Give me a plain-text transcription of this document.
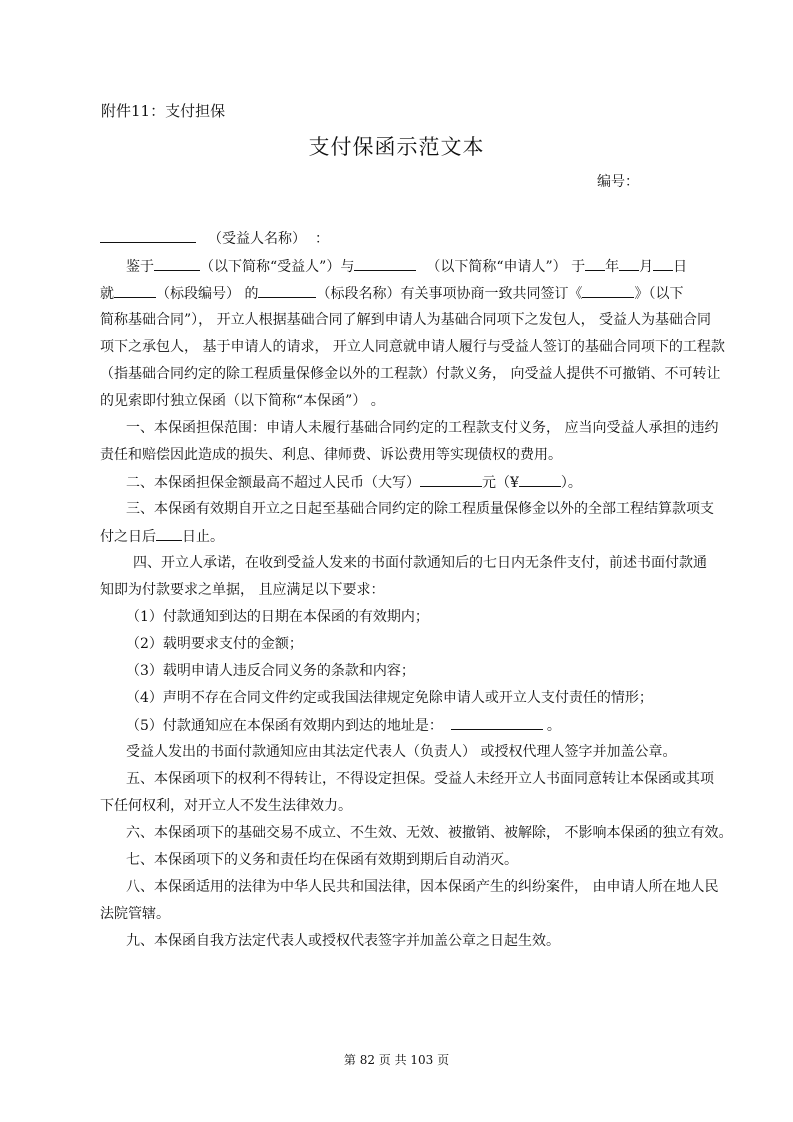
附件11：支付担保
支付保函示范文本
编号：
（受益人名称） ：
鉴于	（以下简称“受益人”）与	（以下简称“申请人”） 于 年 月 日
就	（标段编号） 的	（标段名称）有关事项协商一致共同签订《	》（以下
简称基础合同”）， 开立人根据基础合同了解到申请人为基础合同项下之发包人， 受益人为基础合同
项下之承包人， 基于申请人的请求， 开立人同意就申请人履行与受益人签订的基础合同项下的工程款
（指基础合同约定的除工程质量保修金以外的工程款）付款义务， 向受益人提供不可撤销、不可转让
的见索即付独立保函（以下简称“本保函”） 。
一、本保函担保范围：申请人未履行基础合同约定的工程款支付义务， 应当向受益人承担的违约
责任和赔偿因此造成的损失、利息、律师费、诉讼费用等实现债权的费用。
二、本保函担保金额最高不超过人民币（大写）	元（¥	）。
三、本保函有效期自开立之日起至基础合同约定的除工程质量保修金以外的全部工程结算款项支
付之日后 日止。
四、开立人承诺，在收到受益人发来的书面付款通知后的七日内无条件支付，前述书面付款通
知即为付款要求之单据， 且应满足以下要求：
（1）付款通知到达的日期在本保函的有效期内；
（2）载明要求支付的金额；
（3）载明申请人违反合同义务的条款和内容；
（4）声明不存在合同文件约定或我国法律规定免除申请人或开立人支付责任的情形；
（5）付款通知应在本保函有效期内到达的地址是：	。
受益人发出的书面付款通知应由其法定代表人（负责人） 或授权代理人签字并加盖公章。
五、本保函项下的权利不得转让，不得设定担保。受益人未经开立人书面同意转让本保函或其项
下任何权利，对开立人不发生法律效力。
六、本保函项下的基础交易不成立、不生效、无效、被撤销、被解除， 不影响本保函的独立有效。
七、本保函项下的义务和责任均在保函有效期到期后自动消灭。
八、本保函适用的法律为中华人民共和国法律，因本保函产生的纠纷案件， 由申请人所在地人民
法院管辖。
九、本保函自我方法定代表人或授权代表签字并加盖公章之日起生效。
第 82 页 共 103 页
